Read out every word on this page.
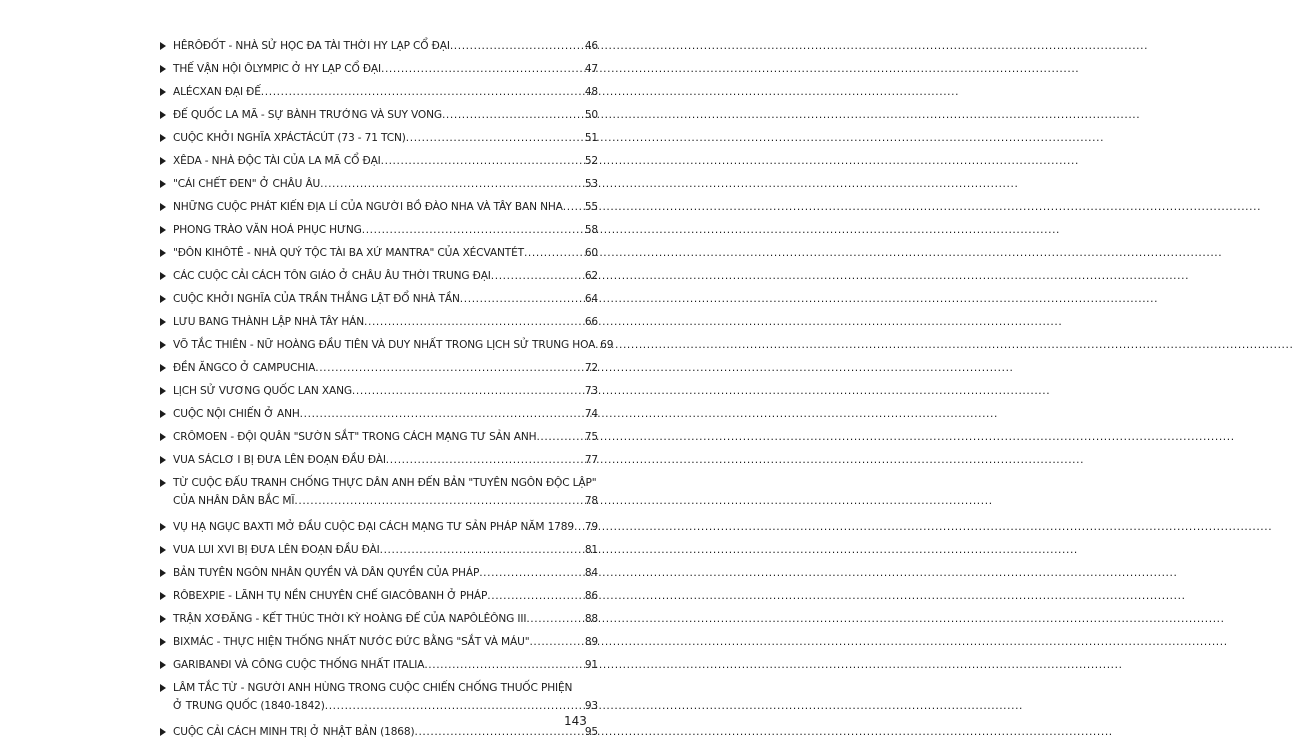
HÊRÔĐỐT - NHÀ SỬ HỌC ĐA TÀI THỜI HY LẠP CỔ ĐẠI .....	46
THẾ VẬN HỘI ÔLYMPIC Ở HY LẠP CỔ ĐẠI .....	47
ALÉCXAN ĐẠI ĐẾ .....	48
ĐẾ QUỐC LA MÃ - SỰ BÀNH TRƯỚNG VÀ SUY VONG .....	50
CUỘC KHỞI NGHĨA XPÁCTÁCÚT (73 - 71 TCN) .....	51
XÊDA - NHÀ ĐỘC TÀI CỦA LA MÃ CỔ ĐẠI .....	52
"CÁI CHẾT ĐEN" Ở CHÂU ÂU .....	53
NHỮNG CUỘC PHÁT KIẾN ĐỊA LÍ CỦA NGƯỜI BỒ ĐÀO NHA VÀ TÂY BAN NHA ..... 55
PHONG TRÀO VĂN HOÁ PHỤC HƯNG .....	58
"ĐÔN KIHÔTÊ - NHÀ QUÝ TỘC TÀI BA XỨ MANTRA" CỦA XÉCVANTÉT .....	60
CÁC CUỘC CẢI CÁCH TÔN GIÁO Ở CHÂU ÂU THỜI TRUNG ĐẠI .....	62
CUỘC KHỞI NGHĨA CỦA TRẦN THẮNG LẬT ĐỔ NHÀ TẦN .....	64
LƯU BANG THÀNH LẬP NHÀ TÂY HÁN .....	66
VÕ TẮC THIÊN - NỮ HOÀNG ĐẦU TIÊN VÀ DUY NHẤT TRONG LỊCH SỬ TRUNG HOA ..... 69
ĐỀN ĂNGCO Ở CAMPUCHIA .....	72
LỊCH SỬ VƯƠNG QUỐC LAN XANG .....	73
CUỘC NỘI CHIẾN Ở ANH .....	74
CRÔMOEN - ĐỘI QUÂN "SƯỜN SẮT" TRONG CÁCH MẠNG TƯ SẢN ANH .....	75
VUA SÁCLƠ I BỊ ĐƯA LÊN ĐOẠN ĐẦU ĐÀI .....	77
TỪ CUỘC ĐẤU TRANH CHỐNG THỰC DÂN ANH ĐẾN BẢN "TUYÊN NGÔN ĐỘC LẬP"
CỦA NHÂN DÂN BẮC MĨ .....	78
VỤ HẠ NGỤC BAXTI MỞ ĐẦU CUỘC ĐẠI CÁCH MẠNG TƯ SẢN PHÁP NĂM 1789 ..... 79
VUA LUI XVI BỊ ĐƯA LÊN ĐOẠN ĐẦU ĐÀI .....	81
BẢN TUYÊN NGÔN NHÂN QUYỀN VÀ DÂN QUYỀN CỦA PHÁP .....	84
RÔBEXPIE - LÃNH TỤ NỀN CHUYÊN CHẾ GIACÔBANH Ở PHÁP .....	86
TRẬN XƠĐĂNG - KẾT THÚC THỜI KỲ HOÀNG ĐẾ CỦA NAPÔLÊÔNG III .....	88
BIXMÁC - THỰC HIỆN THỐNG NHẤT NƯỚC ĐỨC BẰNG "SẮT VÀ MÁU" .....	89
GARIBANĐI VÀ CÔNG CUỘC THỐNG NHẤT ITALIA .....	91
LÂM TẮC TỪ - NGƯỜI ANH HÙNG TRONG CUỘC CHIẾN CHỐNG THUỐC PHIỆN
Ở TRUNG QUỐC (1840-1842) .....	93
CUỘC CẢI CÁCH MINH TRỊ Ở NHẬT BẢN (1868) .....	95
143
